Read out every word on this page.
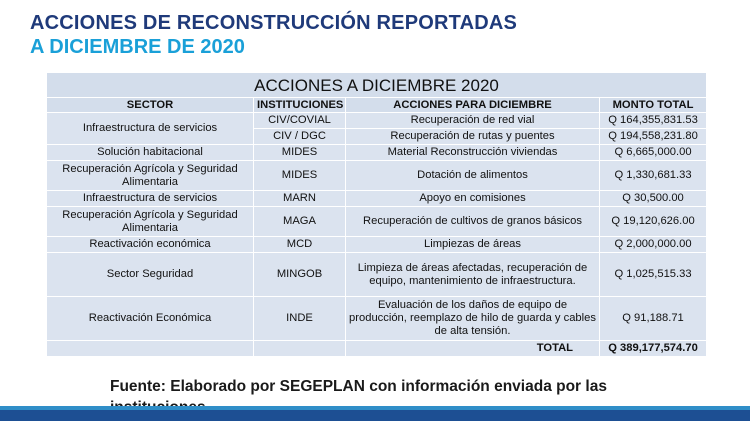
ACCIONES DE RECONSTRUCCIÓN REPORTADAS
A DICIEMBRE DE 2020
ACCIONES A DICIEMBRE 2020			
SECTOR	INSTITUCIONES	ACCIONES PARA DICIEMBRE	MONTO TOTAL
Infraestructura de servicios	CIV/COVIAL	Recuperación de red vial	Q 164,355,831.53
	CIV / DGC	Recuperación de rutas y puentes	Q 194,558,231.80
Solución habitacional	MIDES	Material Reconstrucción viviendas	Q 6,665,000.00
Recuperación Agrícola y Seguridad Alimentaria	MIDES	Dotación de alimentos	Q 1,330,681.33
Infraestructura de servicios	MARN	Apoyo en comisiones	Q 30,500.00
Recuperación Agrícola y Seguridad Alimentaria	MAGA	Recuperación de cultivos de granos básicos	Q 19,120,626.00
Reactivación económica	MCD	Limpiezas de áreas	Q 2,000,000.00
Sector Seguridad	MINGOB	Limpieza de áreas afectadas, recuperación de equipo, mantenimiento de infraestructura.	Q 1,025,515.33
Reactivación Económica	INDE	Evaluación de los daños de equipo de producción, reemplazo de hilo de guarda y cables de alta tensión.	Q 91,188.71
		TOTAL	Q 389,177,574.70
Fuente: Elaborado por SEGEPLAN con información enviada por las
